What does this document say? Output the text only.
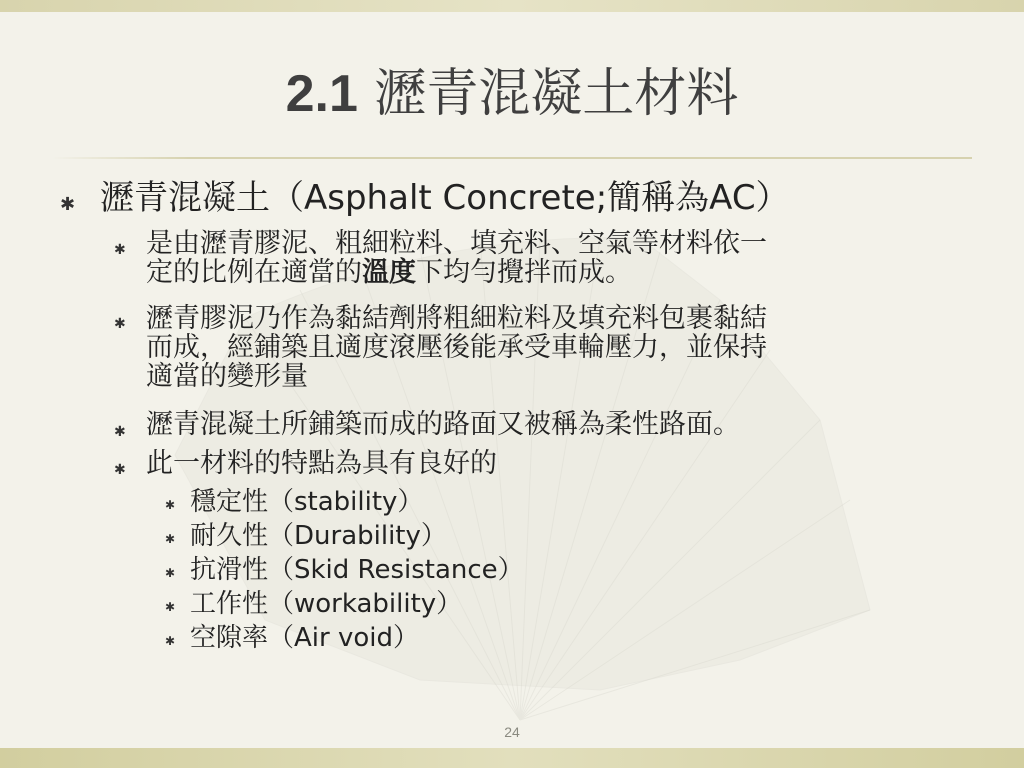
2.1 瀝青混凝土材料
✱ 瀝青混凝土（Asphalt Concrete;簡稱為AC）
✱ 是由瀝青膠泥、粗細粒料、填充料、空氣等材料依一
定的比例在適當的溫度下均勻攪拌而成。
✱ 瀝青膠泥乃作為黏結劑將粗細粒料及填充料包裹黏結
而成，經鋪築且適度滾壓後能承受車輪壓力，並保持
適當的變形量
✱ 瀝青混凝土所鋪築而成的路面又被稱為柔性路面。
✱ 此一材料的特點為具有良好的
✱ 穩定性（stability）
✱ 耐久性（Durability）
✱ 抗滑性（Skid Resistance）
✱ 工作性（workability）
✱ 空隙率（Air void）
24
